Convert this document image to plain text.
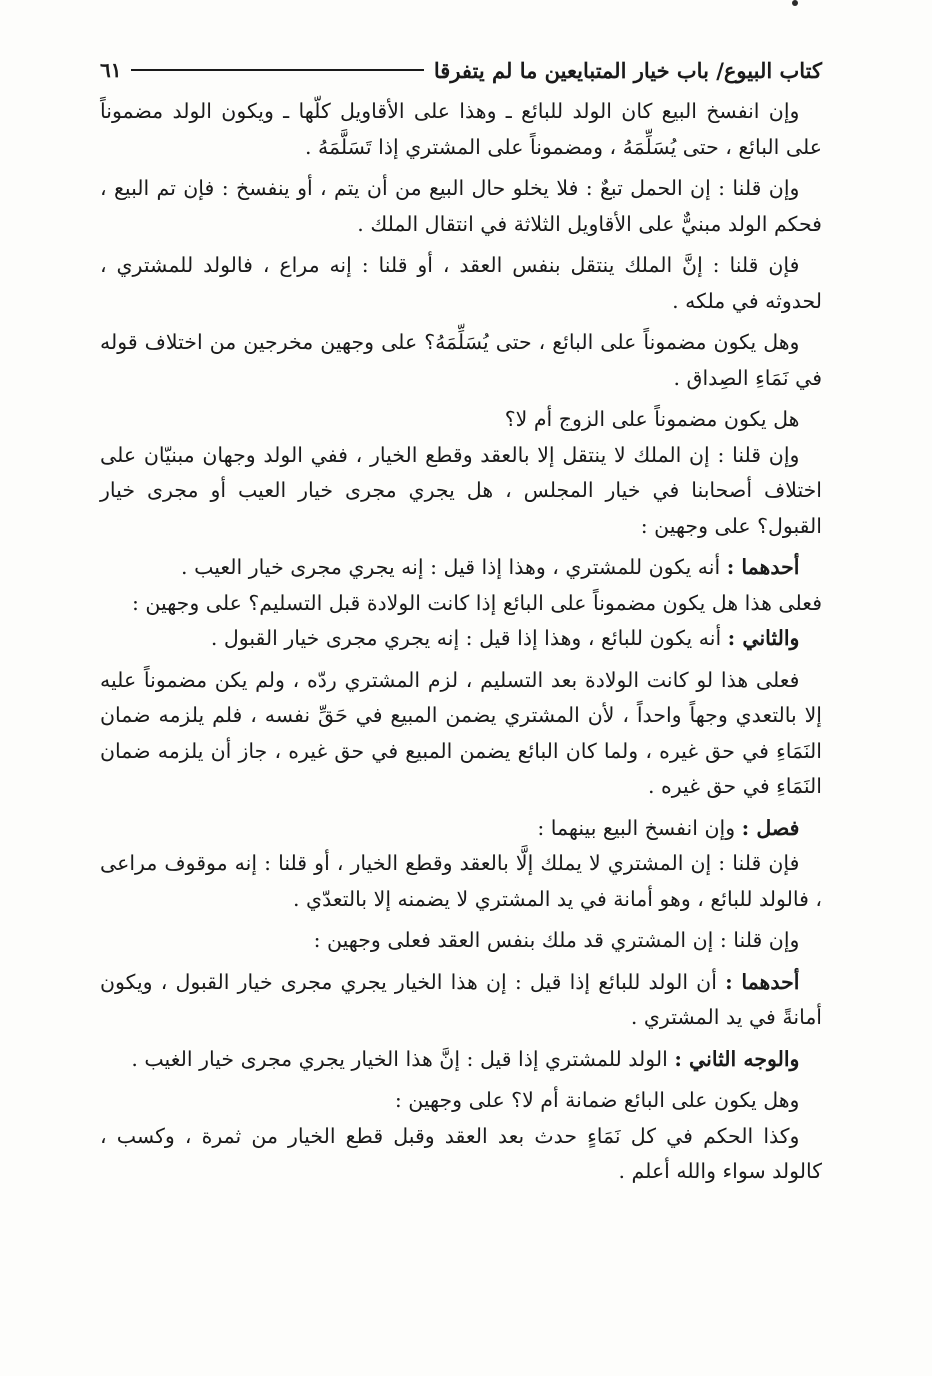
كتاب البيوع/ باب خيار المتبايعين ما لم يتفرقا
٦١

وإن انفسخ البيع كان الولد للبائع ـ وهذا على الأقاويل كلّها ـ ويكون الولد مضموناً على البائع ، حتى يُسَلِّمَهُ ، ومضموناً على المشتري إذا تَسَلَّمَهُ .

وإن قلنا : إن الحمل تبعٌ : فلا يخلو حال البيع من أن يتم ، أو ينفسخ : فإن تم البيع ، فحكم الولد مبنيٌّ على الأقاويل الثلاثة في انتقال الملك .

فإن قلنا : إنَّ الملك ينتقل بنفس العقد ، أو قلنا : إنه مراع ، فالولد للمشتري ، لحدوثه في ملكه .

وهل يكون مضموناً على البائع ، حتى يُسَلِّمَهُ؟ على وجهين مخرجين من اختلاف قوله في نَمَاءِ الصِداق .

هل يكون مضموناً على الزوج أم لا؟

وإن قلنا : إن الملك لا ينتقل إلا بالعقد وقطع الخيار ، ففي الولد وجهان مبنيّان على اختلاف أصحابنا في خيار المجلس ، هل يجري مجرى خيار العيب أو مجرى خيار القبول؟ على وجهين :

أحدهما : أنه يكون للمشتري ، وهذا إذا قيل : إنه يجري مجرى خيار العيب .

فعلى هذا هل يكون مضموناً على البائع إذا كانت الولادة قبل التسليم؟ على وجهين :

والثاني : أنه يكون للبائع ، وهذا إذا قيل : إنه يجري مجرى خيار القبول .

فعلى هذا لو كانت الولادة بعد التسليم ، لزم المشتري ردّه ، ولم يكن مضموناً عليه إلا بالتعدي وجهاً واحداً ، لأن المشتري يضمن المبيع في حَقِّ نفسه ، فلم يلزمه ضمان النَمَاءِ في حق غيره ، ولما كان البائع يضمن المبيع في حق غيره ، جاز أن يلزمه ضمان النَمَاءِ في حق غيره .

فصل : وإن انفسخ البيع بينهما :

فإن قلنا : إن المشتري لا يملك إلَّا بالعقد وقطع الخيار ، أو قلنا : إنه موقوف مراعى ، فالولد للبائع ، وهو أمانة في يد المشتري لا يضمنه إلا بالتعدّي .

وإن قلنا : إن المشتري قد ملك بنفس العقد فعلى وجهين :

أحدهما : أن الولد للبائع إذا قيل : إن هذا الخيار يجري مجرى خيار القبول ، ويكون أمانةً في يد المشتري .

والوجه الثاني : الولد للمشتري إذا قيل : إنَّ هذا الخيار يجري مجرى خيار الغيب .

وهل يكون على البائع ضمانة أم لا؟ على وجهين :

وكذا الحكم في كل نَمَاءٍ حدث بعد العقد وقبل قطع الخيار من ثمرة ، وكسب ، كالولد سواء والله أعلم .
